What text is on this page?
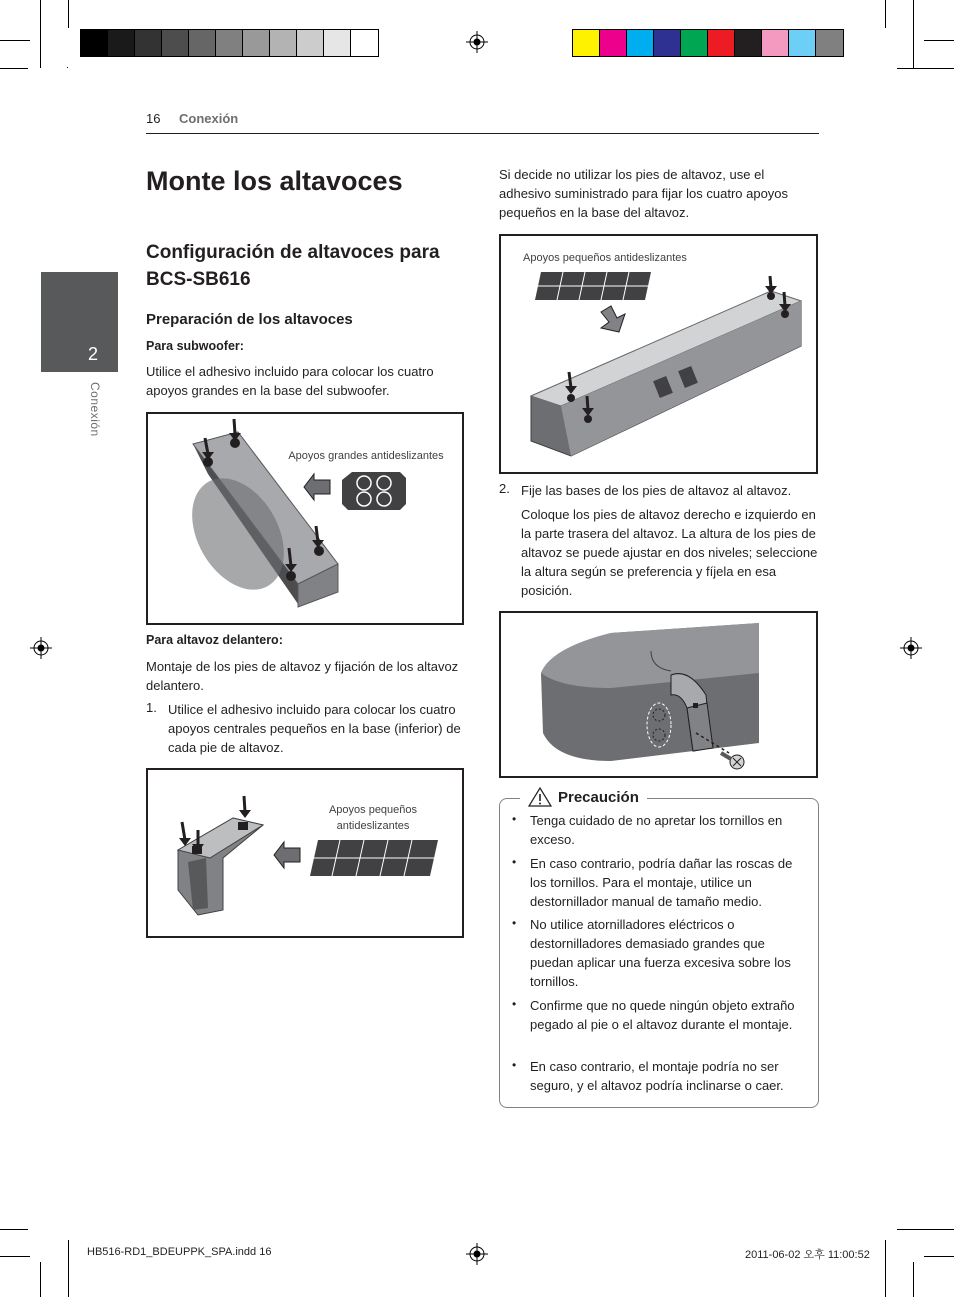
16 Conexión
2
Conexión
Monte los altavoces
Configuración de altavoces para BCS-SB616
Preparación de los altavoces
Para subwoofer:
Utilice el adhesivo incluido para colocar los cuatro apoyos grandes en la base del subwoofer.
Apoyos grandes antideslizantes
Para altavoz delantero:
Montaje de los pies de altavoz y fijación de los altavoz delantero.
1. Utilice el adhesivo incluido para colocar los cuatro apoyos centrales pequeños en la base (inferior) de cada pie de altavoz.
Apoyos pequeños
antideslizantes
Si decide no utilizar los pies de altavoz, use el adhesivo suministrado para fijar los cuatro apoyos pequeños en la base del altavoz.
Apoyos pequeños antideslizantes
2. Fije las bases de los pies de altavoz al altavoz.
Coloque los pies de altavoz derecho e izquierdo en la parte trasera del altavoz. La altura de los pies de altavoz se puede ajustar en dos niveles; seleccione la altura según se preferencia y fíjela en esa posición.
Precaución
• Tenga cuidado de no apretar los tornillos en exceso.
• En caso contrario, podría dañar las roscas de los tornillos. Para el montaje, utilice un destornillador manual de tamaño medio.
• No utilice atornilladores eléctricos o destornilladores demasiado grandes que puedan aplicar una fuerza excesiva sobre los tornillos.
• Confirme que no quede ningún objeto extraño pegado al pie o el altavoz durante el montaje.
• En caso contrario, el montaje podría no ser seguro, y el altavoz podría inclinarse o caer.
HB516-RD1_BDEUPPK_SPA.indd 16	2011-06-02 오후 11:00:52
